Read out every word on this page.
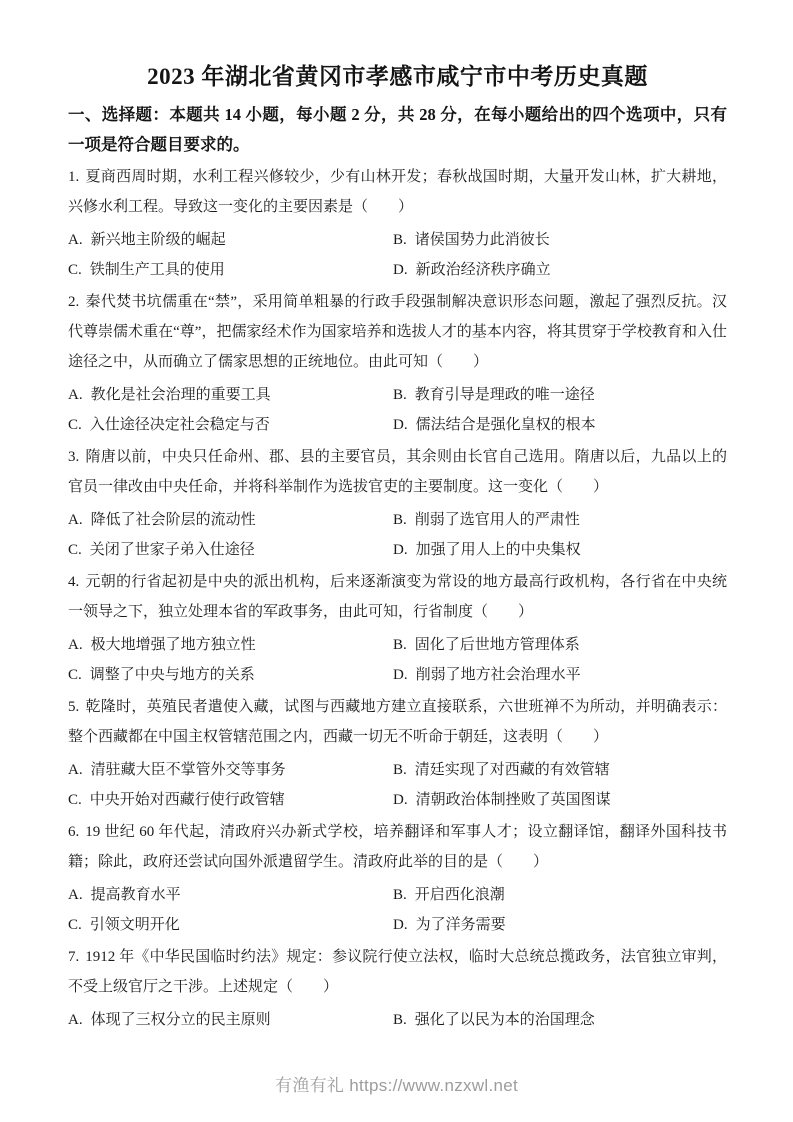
2023 年湖北省黄冈市孝感市咸宁市中考历史真题

一、选择题：本题共 14 小题，每小题 2 分，共 28 分，在每小题给出的四个选项中，只有一项是符合题目要求的。

1. 夏商西周时期，水利工程兴修较少，少有山林开发；春秋战国时期，大量开发山林，扩大耕地，兴修水利工程。导致这一变化的主要因素是（　　）

A. 新兴地主阶级的崛起	B. 诸侯国势力此消彼长
C. 铁制生产工具的使用	D. 新政治经济秩序确立

2. 秦代焚书坑儒重在“禁”，采用简单粗暴的行政手段强制解决意识形态问题，激起了强烈反抗。汉代尊崇儒术重在“尊”，把儒家经术作为国家培养和选拔人才的基本内容，将其贯穿于学校教育和入仕途径之中，从而确立了儒家思想的正统地位。由此可知（　　）

A. 教化是社会治理的重要工具	B. 教育引导是理政的唯一途径
C. 入仕途径决定社会稳定与否	D. 儒法结合是强化皇权的根本

3. 隋唐以前，中央只任命州、郡、县的主要官员，其余则由长官自己选用。隋唐以后，九品以上的官员一律改由中央任命，并将科举制作为选拔官吏的主要制度。这一变化（　　）

A. 降低了社会阶层的流动性	B. 削弱了选官用人的严肃性
C. 关闭了世家子弟入仕途径	D. 加强了用人上的中央集权

4. 元朝的行省起初是中央的派出机构，后来逐渐演变为常设的地方最高行政机构，各行省在中央统一领导之下，独立处理本省的军政事务，由此可知，行省制度（　　）

A. 极大地增强了地方独立性	B. 固化了后世地方管理体系
C. 调整了中央与地方的关系	D. 削弱了地方社会治理水平

5. 乾隆时，英殖民者遣使入藏，试图与西藏地方建立直接联系，六世班禅不为所动，并明确表示：整个西藏都在中国主权管辖范围之内，西藏一切无不听命于朝廷，这表明（　　）

A. 清驻藏大臣不掌管外交等事务	B. 清廷实现了对西藏的有效管辖
C. 中央开始对西藏行使行政管辖	D. 清朝政治体制挫败了英国图谋

6. 19 世纪 60 年代起，清政府兴办新式学校，培养翻译和军事人才；设立翻译馆，翻译外国科技书籍；除此，政府还尝试向国外派遣留学生。清政府此举的目的是（　　）

A. 提高教育水平	B. 开启西化浪潮
C. 引领文明开化	D. 为了洋务需要

7. 1912 年《中华民国临时约法》规定：参议院行使立法权，临时大总统总揽政务，法官独立审判，不受上级官厅之干涉。上述规定（　　）

A. 体现了三权分立的民主原则	B. 强化了以民为本的治国理念
有渔有礼 https://www.nzxwl.net
